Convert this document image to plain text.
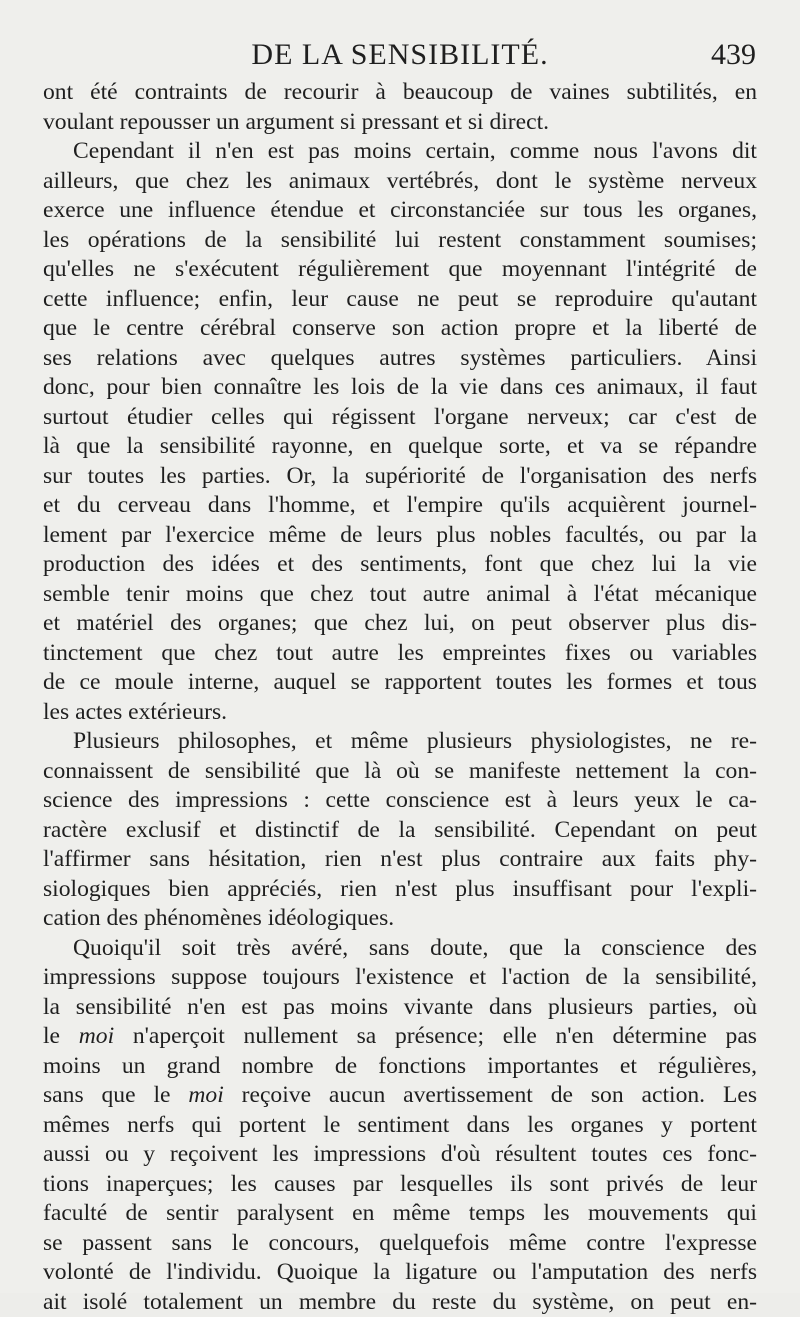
DE LA SENSIBILITÉ.	439
ont été contraints de recourir à beaucoup de vaines subtilités, en
voulant repousser un argument si pressant et si direct.
Cependant il n'en est pas moins certain, comme nous l'avons dit
ailleurs, que chez les animaux vertébrés, dont le système nerveux
exerce une influence étendue et circonstanciée sur tous les organes,
les opérations de la sensibilité lui restent constamment soumises;
qu'elles ne s'exécutent régulièrement que moyennant l'intégrité de
cette influence; enfin, leur cause ne peut se reproduire qu'autant
que le centre cérébral conserve son action propre et la liberté de
ses relations avec quelques autres systèmes particuliers. Ainsi
donc, pour bien connaître les lois de la vie dans ces animaux, il faut
surtout étudier celles qui régissent l'organe nerveux; car c'est de
là que la sensibilité rayonne, en quelque sorte, et va se répandre
sur toutes les parties. Or, la supériorité de l'organisation des nerfs
et du cerveau dans l'homme, et l'empire qu'ils acquièrent journel-
lement par l'exercice même de leurs plus nobles facultés, ou par la
production des idées et des sentiments, font que chez lui la vie
semble tenir moins que chez tout autre animal à l'état mécanique
et matériel des organes; que chez lui, on peut observer plus dis-
tinctement que chez tout autre les empreintes fixes ou variables
de ce moule interne, auquel se rapportent toutes les formes et tous
les actes extérieurs.
Plusieurs philosophes, et même plusieurs physiologistes, ne re-
connaissent de sensibilité que là où se manifeste nettement la con-
science des impressions : cette conscience est à leurs yeux le ca-
ractère exclusif et distinctif de la sensibilité. Cependant on peut
l'affirmer sans hésitation, rien n'est plus contraire aux faits phy-
siologiques bien appréciés, rien n'est plus insuffisant pour l'expli-
cation des phénomènes idéologiques.
Quoiqu'il soit très avéré, sans doute, que la conscience des
impressions suppose toujours l'existence et l'action de la sensibilité,
la sensibilité n'en est pas moins vivante dans plusieurs parties, où
le moi n'aperçoit nullement sa présence; elle n'en détermine pas
moins un grand nombre de fonctions importantes et régulières,
sans que le moi reçoive aucun avertissement de son action. Les
mêmes nerfs qui portent le sentiment dans les organes y portent
aussi ou y reçoivent les impressions d'où résultent toutes ces fonc-
tions inaperçues; les causes par lesquelles ils sont privés de leur
faculté de sentir paralysent en même temps les mouvements qui
se passent sans le concours, quelquefois même contre l'expresse
volonté de l'individu. Quoique la ligature ou l'amputation des nerfs
ait isolé totalement un membre du reste du système, on peut en-
